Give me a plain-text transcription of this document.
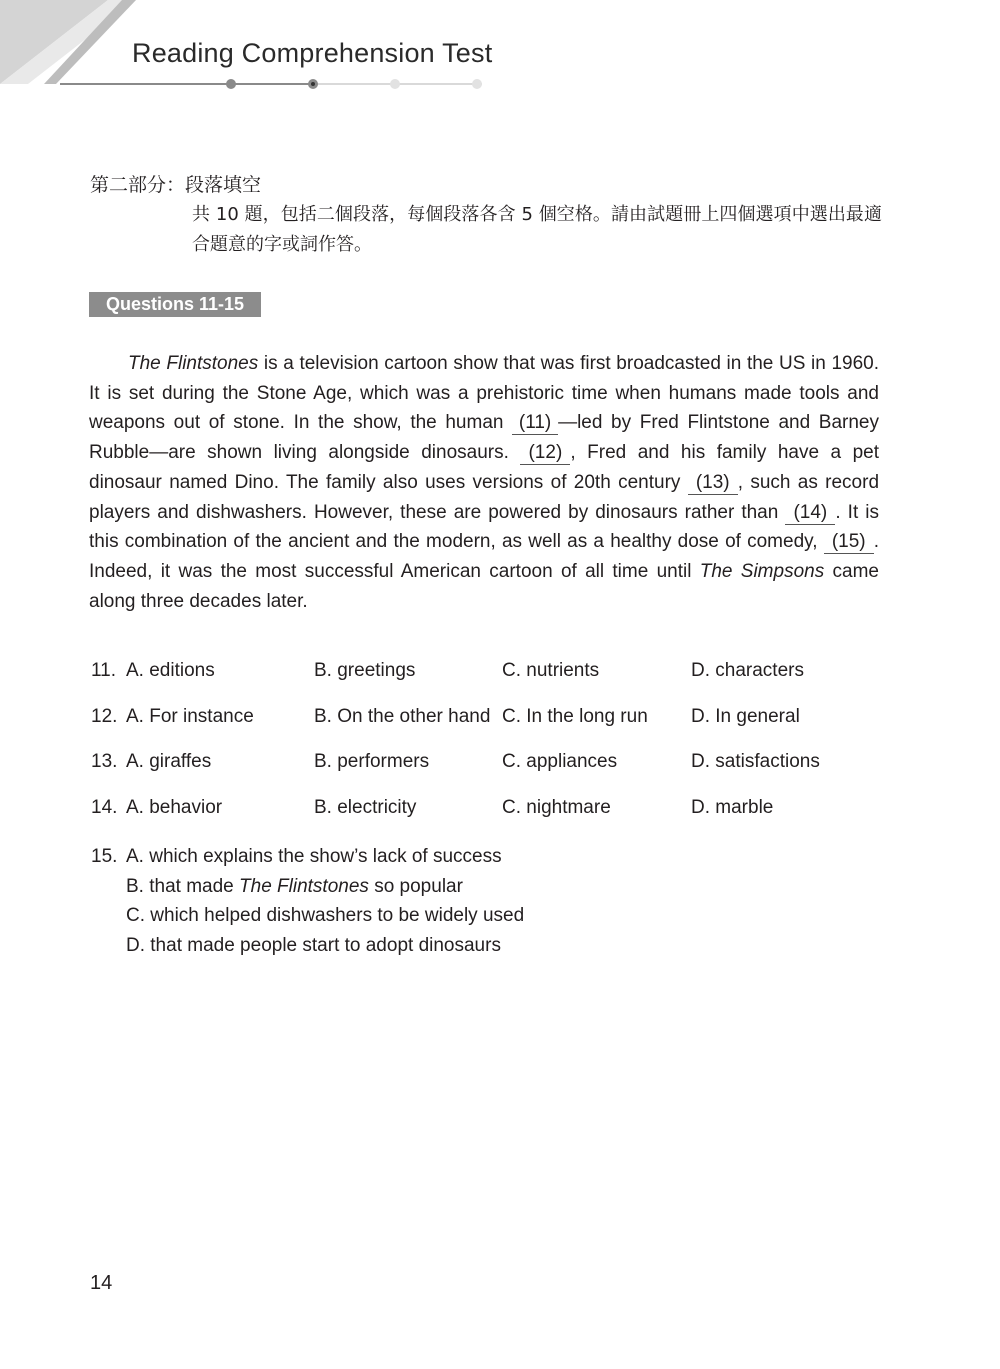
Reading Comprehension Test
第二部分：段落填空
共 10 題，包括二個段落，每個段落各含 5 個空格。請由試題冊上四個選項中選出最適合題意的字或詞作答。
Questions 11-15

The Flintstones is a television cartoon show that was first broadcasted in the US in 1960. It is set during the Stone Age, which was a prehistoric time when humans made tools and weapons out of stone. In the show, the human (11) —led by Fred Flintstone and Barney Rubble—are shown living alongside dinosaurs. (12) , Fred and his family have a pet dinosaur named Dino. The family also uses versions of 20th century (13) , such as record players and dishwashers. However, these are powered by dinosaurs rather than (14) . It is this combination of the ancient and the modern, as well as a healthy dose of comedy, (15) . Indeed, it was the most successful American cartoon of all time until The Simpsons came along three decades later.

11. A. editions	B. greetings	C. nutrients	D. characters
12. A. For instance	B. On the other hand C. In the long run D. In general
13. A. giraffes	B. performers	C. appliances	D. satisfactions
14. A. behavior	B. electricity	C. nightmare	D. marble
15. A. which explains the show’s lack of success
B. that made The Flintstones so popular
C. which helped dishwashers to be widely used
D. that made people start to adopt dinosaurs
14
